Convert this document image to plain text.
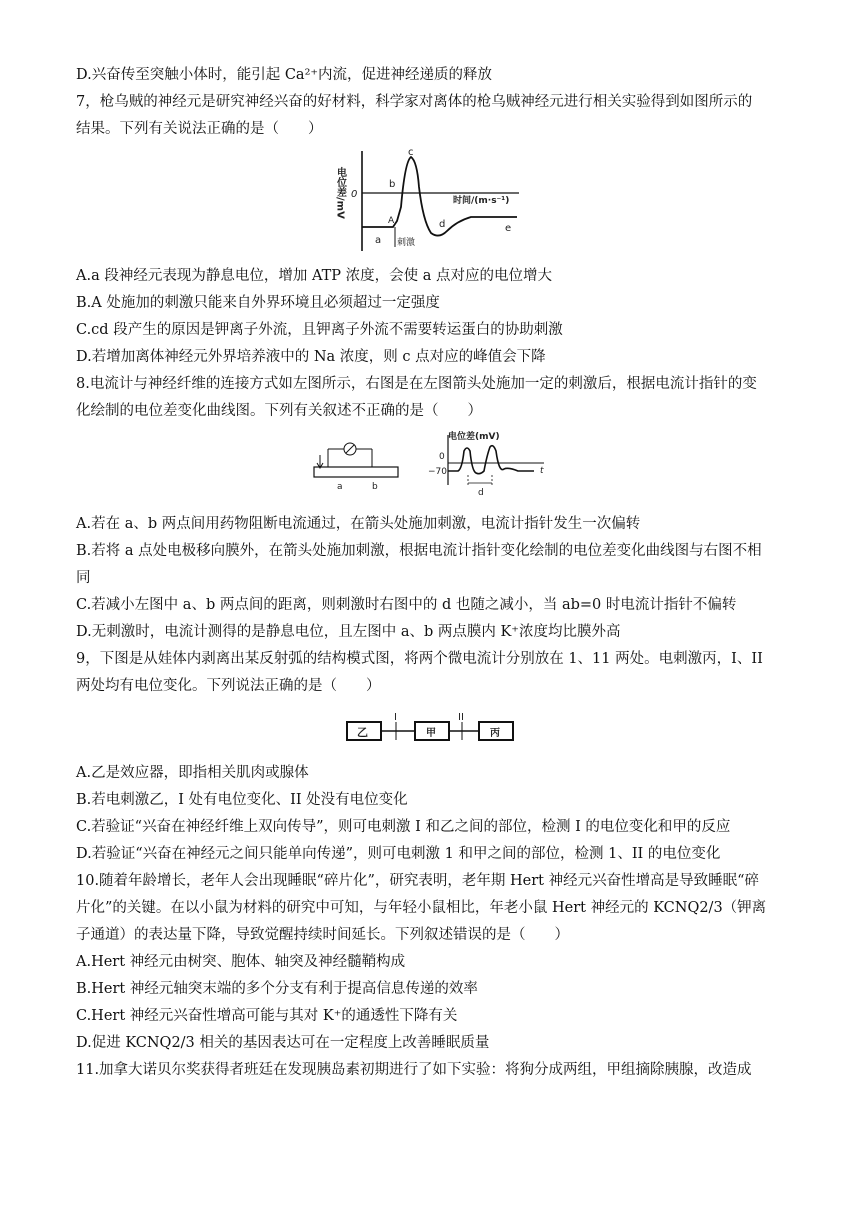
D.兴奋传至突触小体时，能引起 Ca²⁺内流，促进神经递质的释放

7，枪乌贼的神经元是研究神经兴奋的好材料，科学家对离体的枪乌贼神经元进行相关实验得到如图所示的

结果。下列有关说法正确的是（　　）

电位差/mV 0
时间/(m·s⁻¹)
c
b
A	d	e
a 刺激

A.a 段神经元表现为静息电位，增加 ATP 浓度，会使 a 点对应的电位增大

B.A 处施加的刺激只能来自外界环境且必须超过一定强度

C.cd 段产生的原因是钾离子外流，且钾离子外流不需要转运蛋白的协助刺激

D.若增加离体神经元外界培养液中的 Na 浓度，则 c 点对应的峰值会下降

8.电流计与神经纤维的连接方式如左图所示，右图是在左图箭头处施加一定的刺激后，根据电流计指针的变

化绘制的电位差变化曲线图。下列有关叙述不正确的是（　　）

a	b
电位差(mV)
0
−70	t
d

A.若在 a、b 两点间用药物阻断电流通过，在箭头处施加刺激，电流计指针发生一次偏转

B.若将 a 点处电极移向膜外，在箭头处施加刺激，根据电流计指针变化绘制的电位差变化曲线图与右图不相

同

C.若减小左图中 a、b 两点间的距离，则刺激时右图中的 d 也随之减小，当 ab=0 时电流计指针不偏转

D.无刺激时，电流计测得的是静息电位，且左图中 a、b 两点膜内 K⁺浓度均比膜外高

9，下图是从娃体内剥离出某反射弧的结构模式图，将两个微电流计分别放在 1、11 两处。电刺激丙，I、II

两处均有电位变化。下列说法正确的是（　　）

乙
I
甲
II
丙

A.乙是效应器，即指相关肌肉或腺体

B.若电刺激乙，I 处有电位变化、II 处没有电位变化

C.若验证“兴奋在神经纤维上双向传导”，则可电刺激 I 和乙之间的部位，检测 I 的电位变化和甲的反应

D.若验证“兴奋在神经元之间只能单向传递”，则可电刺激 1 和甲之间的部位，检测 1、II 的电位变化

10.随着年龄增长，老年人会出现睡眠“碎片化”，研究表明，老年期 Hert 神经元兴奋性增高是导致睡眠“碎

片化”的关键。在以小鼠为材料的研究中可知，与年轻小鼠相比，年老小鼠 Hert 神经元的 KCNQ2/3（钾离

子通道）的表达量下降，导致觉醒持续时间延长。下列叙述错误的是（　　）

A.Hert 神经元由树突、胞体、轴突及神经髓鞘构成

B.Hert 神经元轴突末端的多个分支有利于提高信息传递的效率

C.Hert 神经元兴奋性增高可能与其对 K⁺的通透性下降有关

D.促进 KCNQ2/3 相关的基因表达可在一定程度上改善睡眠质量

11.加拿大诺贝尔奖获得者班廷在发现胰岛素初期进行了如下实验：将狗分成两组，甲组摘除胰腺，改造成
